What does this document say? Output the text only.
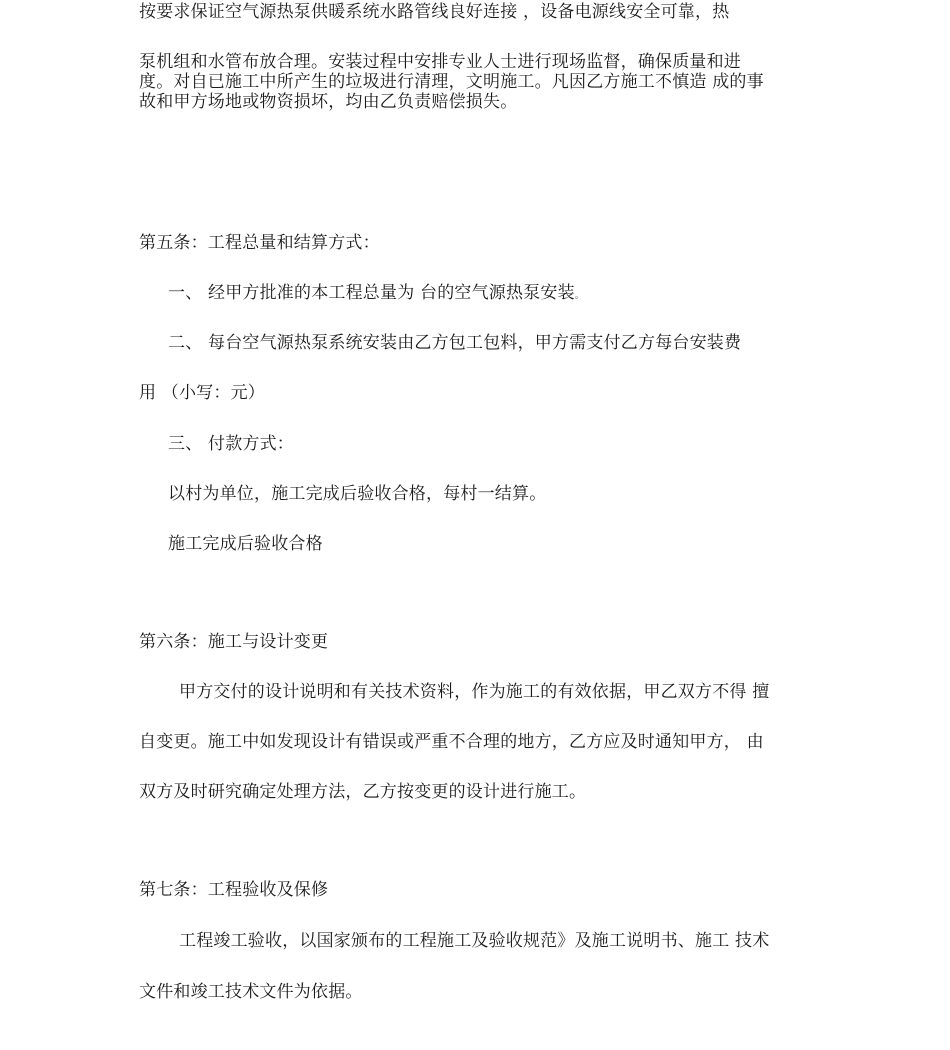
按要求保证空气源热泵供暖系统水路管线良好连接 ，设备电源线安全可靠，热
泵机组和水管布放合理。安装过程中安排专业人士进行现场监督，确保质量和进
度。对自已施工中所产生的垃圾进行清理，文明施工。凡因乙方施工不慎造 成的事
故和甲方场地或物资损坏，均由乙负责赔偿损失。
第五条：工程总量和结算方式：
一、 经甲方批准的本工程总量为 台的空气源热泵安装。
二、 每台空气源热泵系统安装由乙方包工包料，甲方需支付乙方每台安装费
用 （小写：元）
三、 付款方式：
以村为单位，施工完成后验收合格，每村一结算。
施工完成后验收合格
第六条：施工与设计变更
甲方交付的设计说明和有关技术资料，作为施工的有效依据，甲乙双方不得 擅
自变更。施工中如发现设计有错误或严重不合理的地方，乙方应及时通知甲方， 由
双方及时研究确定处理方法，乙方按变更的设计进行施工。
第七条：工程验收及保修
工程竣工验收，以国家颁布的工程施工及验收规范》及施工说明书、施工 技术
文件和竣工技术文件为依据。
